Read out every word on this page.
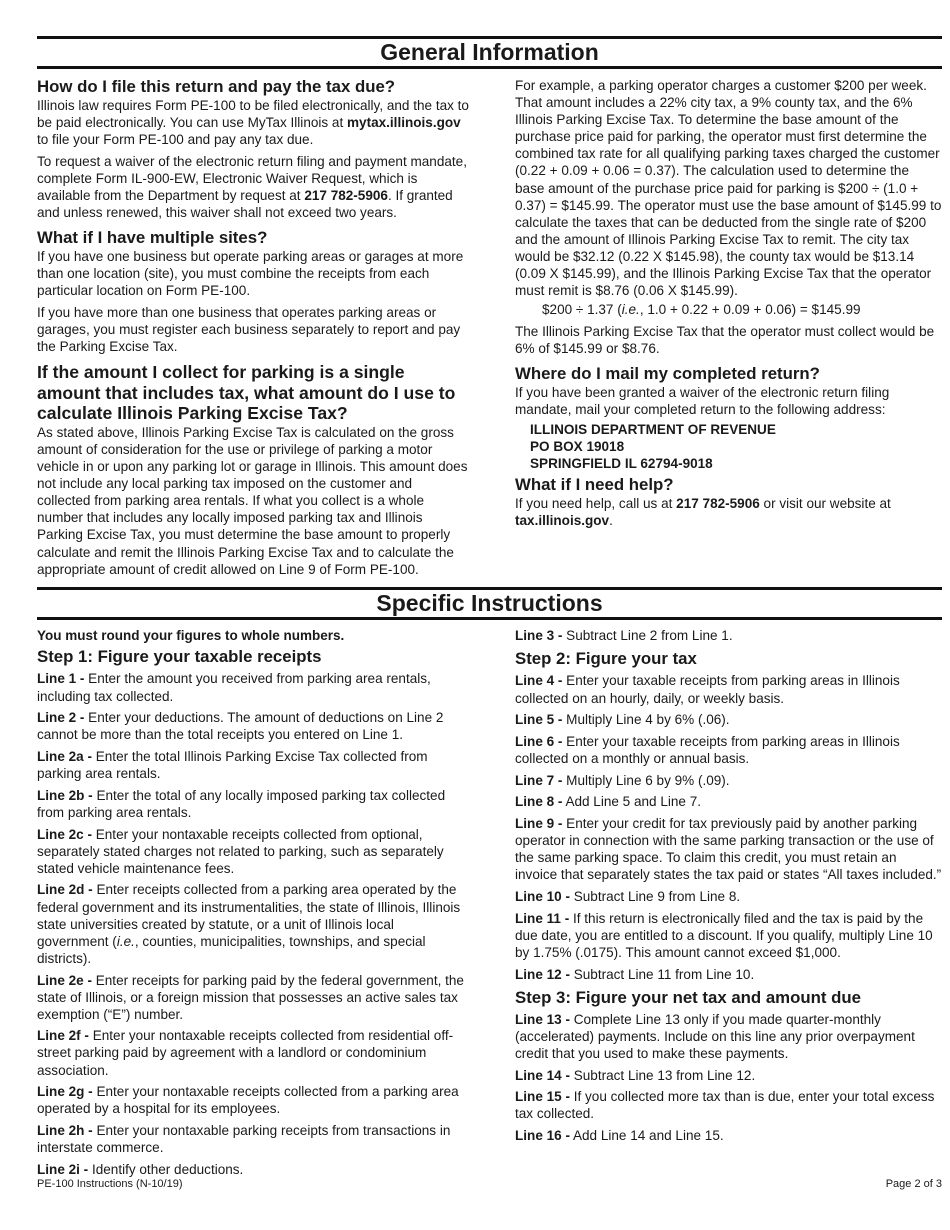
General Information
How do I file this return and pay the tax due?

Illinois law requires Form PE-100 to be filed electronically, and the tax to be paid electronically. You can use MyTax Illinois at mytax.illinois.gov to file your Form PE-100 and pay any tax due.

To request a waiver of the electronic return filing and payment mandate, complete Form IL-900-EW, Electronic Waiver Request, which is available from the Department by request at 217 782-5906. If granted and unless renewed, this waiver shall not exceed two years.

What if I have multiple sites?

If you have one business but operate parking areas or garages at more than one location (site), you must combine the receipts from each particular location on Form PE-100.

If you have more than one business that operates parking areas or garages, you must register each business separately to report and pay the Parking Excise Tax.

If the amount I collect for parking is a single amount that includes tax, what amount do I use to calculate Illinois Parking Excise Tax?

As stated above, Illinois Parking Excise Tax is calculated on the gross amount of consideration for the use or privilege of parking a motor vehicle in or upon any parking lot or garage in Illinois. This amount does not include any local parking tax imposed on the customer and collected from parking area rentals. If what you collect is a whole number that includes any locally imposed parking tax and Illinois Parking Excise Tax, you must determine the base amount to properly calculate and remit the Illinois Parking Excise Tax and to calculate the appropriate amount of credit allowed on Line 9 of Form PE-100.

For example, a parking operator charges a customer $200 per week. That amount includes a 22% city tax, a 9% county tax, and the 6% Illinois Parking Excise Tax. To determine the base amount of the purchase price paid for parking, the operator must first determine the combined tax rate for all qualifying parking taxes charged the customer (0.22 + 0.09 + 0.06 = 0.37). The calculation used to determine the base amount of the purchase price paid for parking is $200 ÷ (1.0 + 0.37) = $145.99. The operator must use the base amount of $145.99 to calculate the taxes that can be deducted from the single rate of $200 and the amount of Illinois Parking Excise Tax to remit. The city tax would be $32.12 (0.22 X $145.98), the county tax would be $13.14 (0.09 X $145.99), and the Illinois Parking Excise Tax that the operator must remit is $8.76 (0.06 X $145.99).

$200 ÷ 1.37 (i.e., 1.0 + 0.22 + 0.09 + 0.06) = $145.99

The Illinois Parking Excise Tax that the operator must collect would be 6% of $145.99 or $8.76.

Where do I mail my completed return?

If you have been granted a waiver of the electronic return filing mandate, mail your completed return to the following address:

ILLINOIS DEPARTMENT OF REVENUE
PO BOX 19018
SPRINGFIELD IL 62794-9018
What if I need help?

If you need help, call us at 217 782-5906 or visit our website at tax.illinois.gov.

Specific Instructions
You must round your figures to whole numbers.
Step 1: Figure your taxable receipts

Line 1 - Enter the amount you received from parking area rentals, including tax collected.

Line 2 - Enter your deductions. The amount of deductions on Line 2 cannot be more than the total receipts you entered on Line 1.

Line 2a - Enter the total Illinois Parking Excise Tax collected from parking area rentals.

Line 2b - Enter the total of any locally imposed parking tax collected from parking area rentals.

Line 2c - Enter your nontaxable receipts collected from optional, separately stated charges not related to parking, such as separately stated vehicle maintenance fees.

Line 2d - Enter receipts collected from a parking area operated by the federal government and its instrumentalities, the state of Illinois, Illinois state universities created by statute, or a unit of Illinois local government (i.e., counties, municipalities, townships, and special districts).

Line 2e - Enter receipts for parking paid by the federal government, the state of Illinois, or a foreign mission that possesses an active sales tax exemption (“E”) number.

Line 2f - Enter your nontaxable receipts collected from residential off-street parking paid by agreement with a landlord or condominium association.

Line 2g - Enter your nontaxable receipts collected from a parking area operated by a hospital for its employees.

Line 2h - Enter your nontaxable parking receipts from transactions in interstate commerce.

Line 2i - Identify other deductions.

Line 3 - Subtract Line 2 from Line 1.

Step 2: Figure your tax

Line 4 - Enter your taxable receipts from parking areas in Illinois collected on an hourly, daily, or weekly basis.

Line 5 - Multiply Line 4 by 6% (.06).

Line 6 - Enter your taxable receipts from parking areas in Illinois collected on a monthly or annual basis.

Line 7 - Multiply Line 6 by 9% (.09).

Line 8 - Add Line 5 and Line 7.

Line 9 - Enter your credit for tax previously paid by another parking operator in connection with the same parking transaction or the use of the same parking space. To claim this credit, you must retain an invoice that separately states the tax paid or states “All taxes included.”

Line 10 - Subtract Line 9 from Line 8.

Line 11 - If this return is electronically filed and the tax is paid by the due date, you are entitled to a discount. If you qualify, multiply Line 10 by 1.75% (.0175). This amount cannot exceed $1,000.

Line 12 - Subtract Line 11 from Line 10.

Step 3: Figure your net tax and amount due

Line 13 - Complete Line 13 only if you made quarter-monthly (accelerated) payments. Include on this line any prior overpayment credit that you used to make these payments.

Line 14 - Subtract Line 13 from Line 12.

Line 15 - If you collected more tax than is due, enter your total excess tax collected.

Line 16 - Add Line 14 and Line 15.

PE-100 Instructions (N-10/19)	Page 2 of 3
